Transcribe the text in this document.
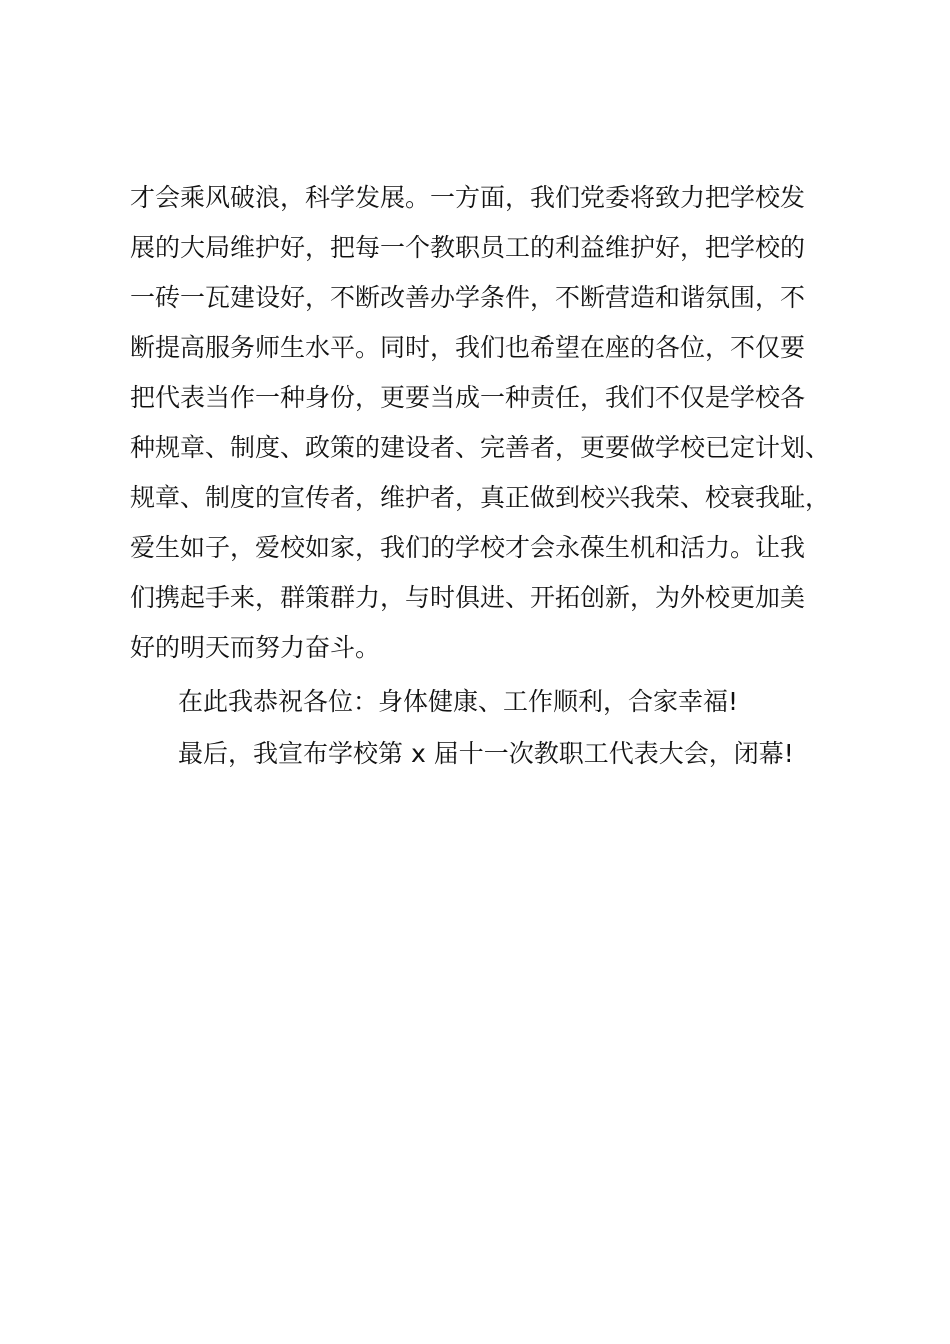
才会乘风破浪，科学发展。一方面，我们党委将致力把学校发
展的大局维护好，把每一个教职员工的利益维护好，把学校的
一砖一瓦建设好，不断改善办学条件，不断营造和谐氛围，不
断提高服务师生水平。同时，我们也希望在座的各位，不仅要
把代表当作一种身份，更要当成一种责任，我们不仅是学校各
种规章、制度、政策的建设者、完善者，更要做学校已定计划、
规章、制度的宣传者，维护者，真正做到校兴我荣、校衰我耻，
爱生如子，爱校如家，我们的学校才会永葆生机和活力。让我
们携起手来，群策群力，与时俱进、开拓创新，为外校更加美
好的明天而努力奋斗。
在此我恭祝各位：身体健康、工作顺利，合家幸福!
最后，我宣布学校第 x 届十一次教职工代表大会，闭幕!
